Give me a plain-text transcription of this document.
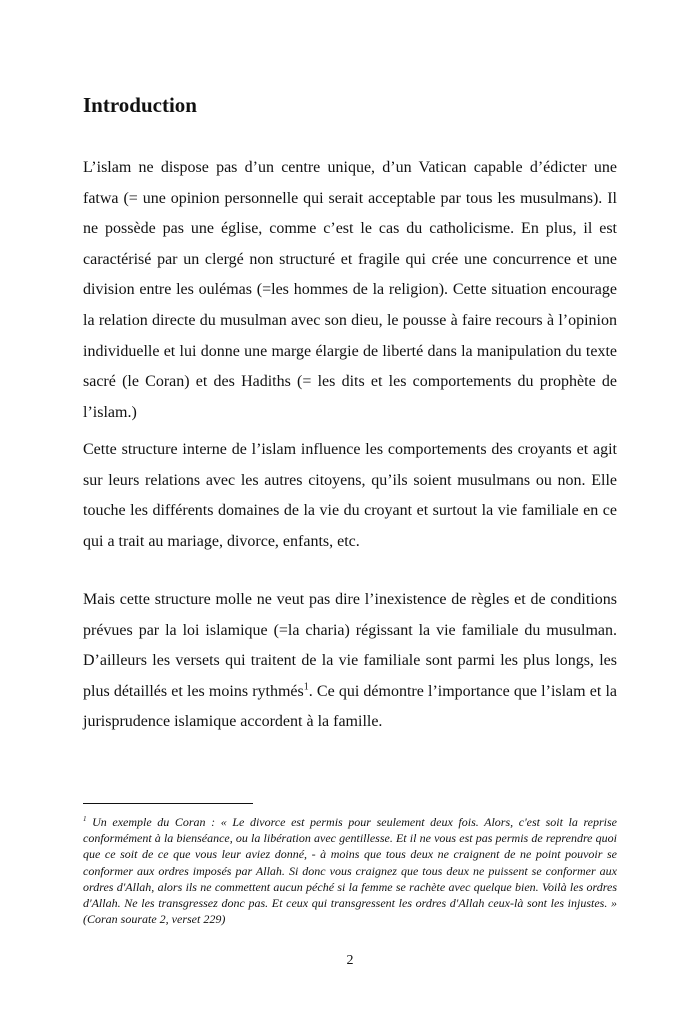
Introduction

L’islam ne dispose pas d’un centre unique, d’un Vatican capable d’édicter une fatwa (= une opinion personnelle qui serait acceptable par tous les musulmans). Il ne possède pas une église, comme c’est le cas du catholicisme. En plus, il est caractérisé par un clergé non structuré et fragile qui crée une concurrence et une division entre les oulémas (=les hommes de la religion). Cette situation encourage la relation directe du musulman avec son dieu, le pousse à faire recours à l’opinion individuelle et lui donne une marge élargie de liberté dans la manipulation du texte sacré (le Coran) et des Hadiths (= les dits et les comportements du prophète de l’islam.)

Cette structure interne de l’islam influence les comportements des croyants et agit sur leurs relations avec les autres citoyens, qu’ils soient musulmans ou non. Elle touche les différents domaines de la vie du croyant et surtout la vie familiale en ce qui a trait au mariage, divorce, enfants, etc.

Mais cette structure molle ne veut pas dire l’inexistence de règles et de conditions prévues par la loi islamique (=la charia) régissant la vie familiale du musulman. D’ailleurs les versets qui traitent de la vie familiale sont parmi les plus longs, les plus détaillés et les moins rythmés$^1$. Ce qui démontre l’importance que l’islam et la jurisprudence islamique accordent à la famille.

$^1$ Un exemple du Coran : « Le divorce est permis pour seulement deux fois. Alors, c'est soit la reprise conformément à la bienséance, ou la libération avec gentillesse. Et il ne vous est pas permis de reprendre quoi que ce soit de ce que vous leur aviez donné, - à moins que tous deux ne craignent de ne point pouvoir se conformer aux ordres imposés par Allah. Si donc vous craignez que tous deux ne puissent se conformer aux ordres d'Allah, alors ils ne commettent aucun péché si la femme se rachète avec quelque bien. Voilà les ordres d'Allah. Ne les transgressez donc pas. Et ceux qui transgressent les ordres d'Allah ceux-là sont les injustes. » (Coran sourate 2, verset 229)

2
